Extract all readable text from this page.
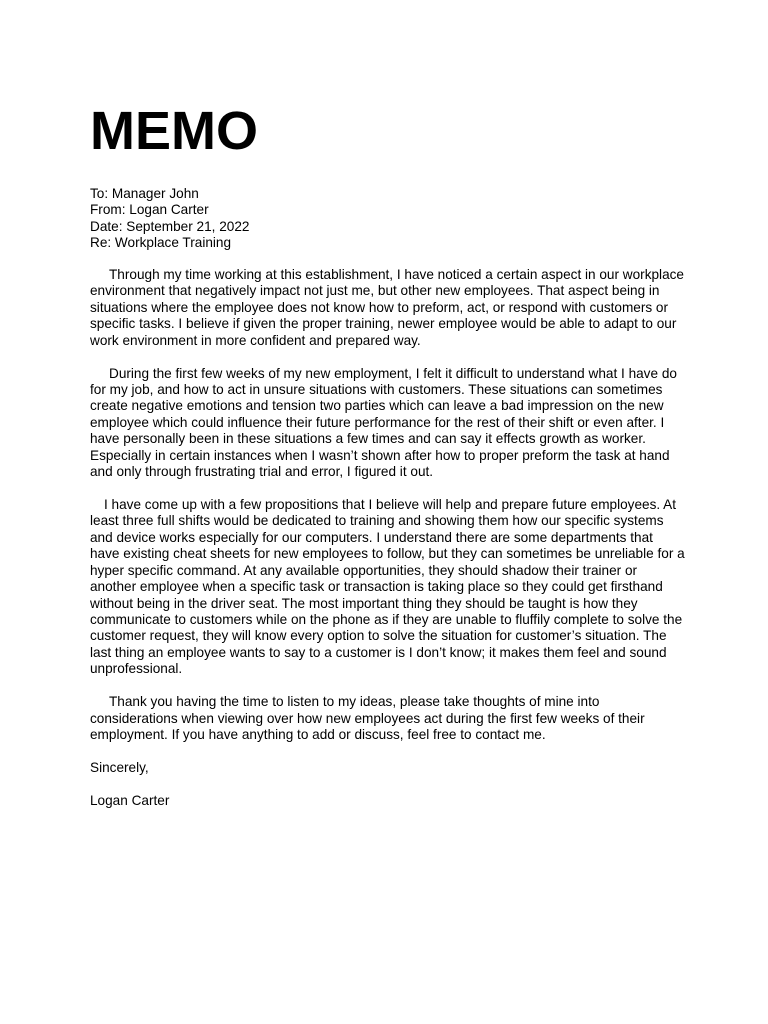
MEMO
To: Manager John
From: Logan Carter
Date: September 21, 2022
Re: Workplace Training

Through my time working at this establishment, I have noticed a certain aspect in our workplace environment that negatively impact not just me, but other new employees. That aspect being in situations where the employee does not know how to preform, act, or respond with customers or specific tasks. I believe if given the proper training, newer employee would be able to adapt to our work environment in more confident and prepared way.

During the first few weeks of my new employment, I felt it difficult to understand what I have do for my job, and how to act in unsure situations with customers. These situations can sometimes create negative emotions and tension two parties which can leave a bad impression on the new employee which could influence their future performance for the rest of their shift or even after. I have personally been in these situations a few times and can say it effects growth as worker. Especially in certain instances when I wasn’t shown after how to proper preform the task at hand and only through frustrating trial and error, I figured it out.

I have come up with a few propositions that I believe will help and prepare future employees. At least three full shifts would be dedicated to training and showing them how our specific systems and device works especially for our computers. I understand there are some departments that have existing cheat sheets for new employees to follow, but they can sometimes be unreliable for a hyper specific command. At any available opportunities, they should shadow their trainer or another employee when a specific task or transaction is taking place so they could get firsthand without being in the driver seat. The most important thing they should be taught is how they communicate to customers while on the phone as if they are unable to fluffily complete to solve the customer request, they will know every option to solve the situation for customer’s situation. The last thing an employee wants to say to a customer is I don’t know; it makes them feel and sound unprofessional.

Thank you having the time to listen to my ideas, please take thoughts of mine into considerations when viewing over how new employees act during the first few weeks of their employment. If you have anything to add or discuss, feel free to contact me.

Sincerely,

Logan Carter
